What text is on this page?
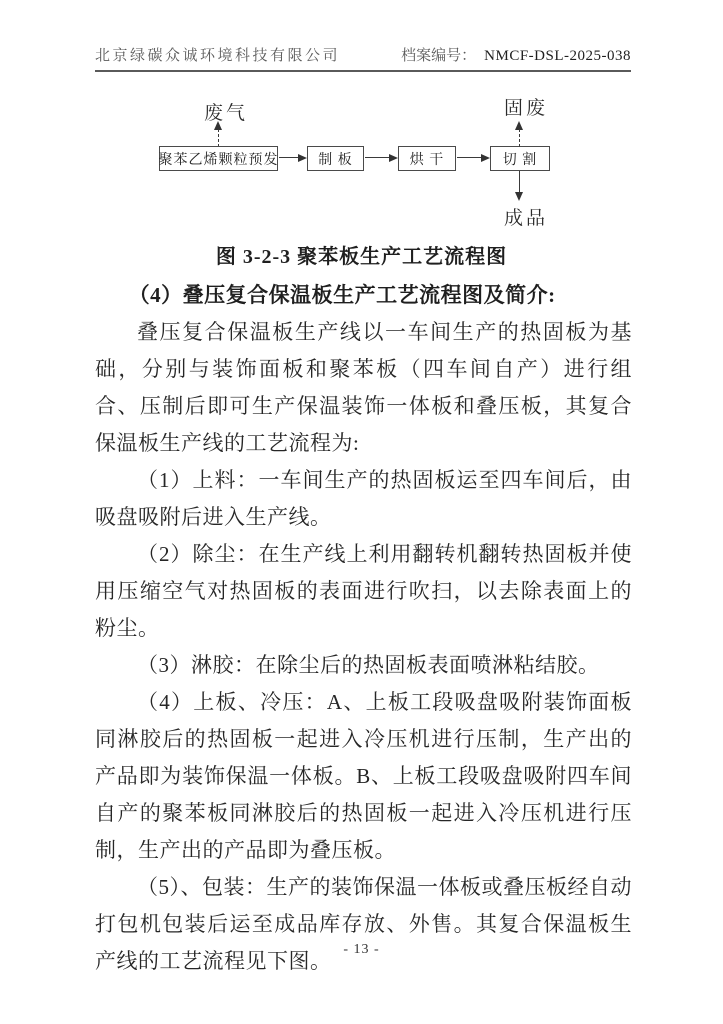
北京绿碳众诚环境科技有限公司	档案编号： NMCF-DSL-2025-038
废气
聚苯乙烯颗粒预发	制 板	烘 干	切 割
固废
成品
图 3-2-3 聚苯板生产工艺流程图
（4）叠压复合保温板生产工艺流程图及简介:

叠压复合保温板生产线以一车间生产的热固板为基础，分别与装饰面板和聚苯板（四车间自产）进行组合、压制后即可生产保温装饰一体板和叠压板，其复合保温板生产线的工艺流程为:

（1）上料：一车间生产的热固板运至四车间后，由吸盘吸附后进入生产线。

（2）除尘：在生产线上利用翻转机翻转热固板并使用压缩空气对热固板的表面进行吹扫，以去除表面上的粉尘。

（3）淋胶：在除尘后的热固板表面喷淋粘结胶。

（4）上板、冷压：A、上板工段吸盘吸附装饰面板同淋胶后的热固板一起进入冷压机进行压制，生产出的产品即为装饰保温一体板。B、上板工段吸盘吸附四车间自产的聚苯板同淋胶后的热固板一起进入冷压机进行压制，生产出的产品即为叠压板。

（5）、包装：生产的装饰保温一体板或叠压板经自动打包机包装后运至成品库存放、外售。其复合保温板生产线的工艺流程见下图。 - 13 -
